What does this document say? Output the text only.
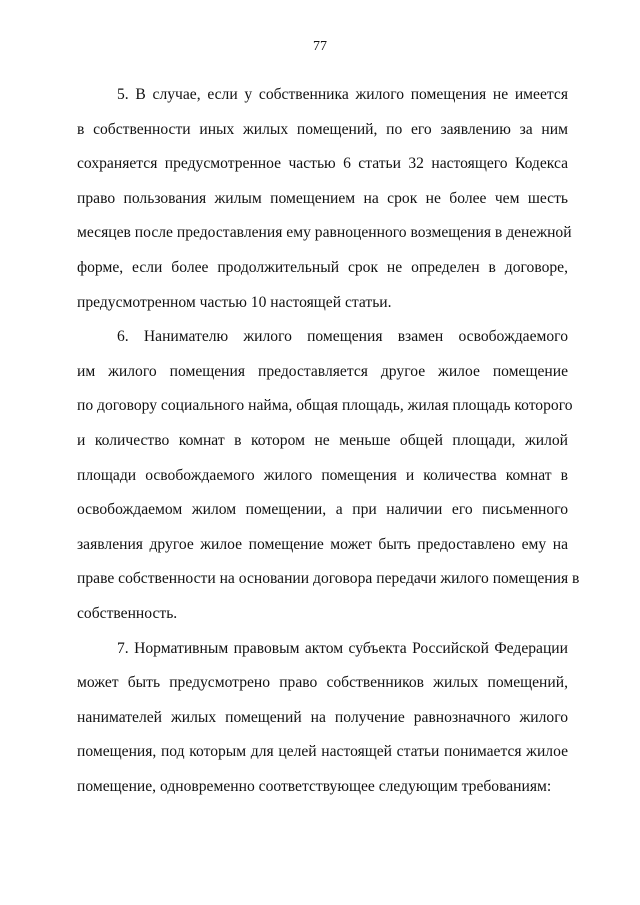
77
5. В случае, если у собственника жилого помещения не имеется
в собственности иных жилых помещений, по его заявлению за ним
сохраняется предусмотренное частью 6 статьи 32 настоящего Кодекса
право пользования жилым помещением на срок не более чем шесть
месяцев после предоставления ему равноценного возмещения в денежной
форме, если более продолжительный срок не определен в договоре,
предусмотренном частью 10 настоящей статьи.
6. Нанимателю жилого помещения взамен освобождаемого
им жилого помещения предоставляется другое жилое помещение
по договору социального найма, общая площадь, жилая площадь которого
и количество комнат в котором не меньше общей площади, жилой
площади освобождаемого жилого помещения и количества комнат в
освобождаемом жилом помещении, а при наличии его письменного
заявления другое жилое помещение может быть предоставлено ему на
праве собственности на основании договора передачи жилого помещения в
собственность.
7. Нормативным правовым актом субъекта Российской Федерации
может быть предусмотрено право собственников жилых помещений,
нанимателей жилых помещений на получение равнозначного жилого
помещения, под которым для целей настоящей статьи понимается жилое
помещение, одновременно соответствующее следующим требованиям:
